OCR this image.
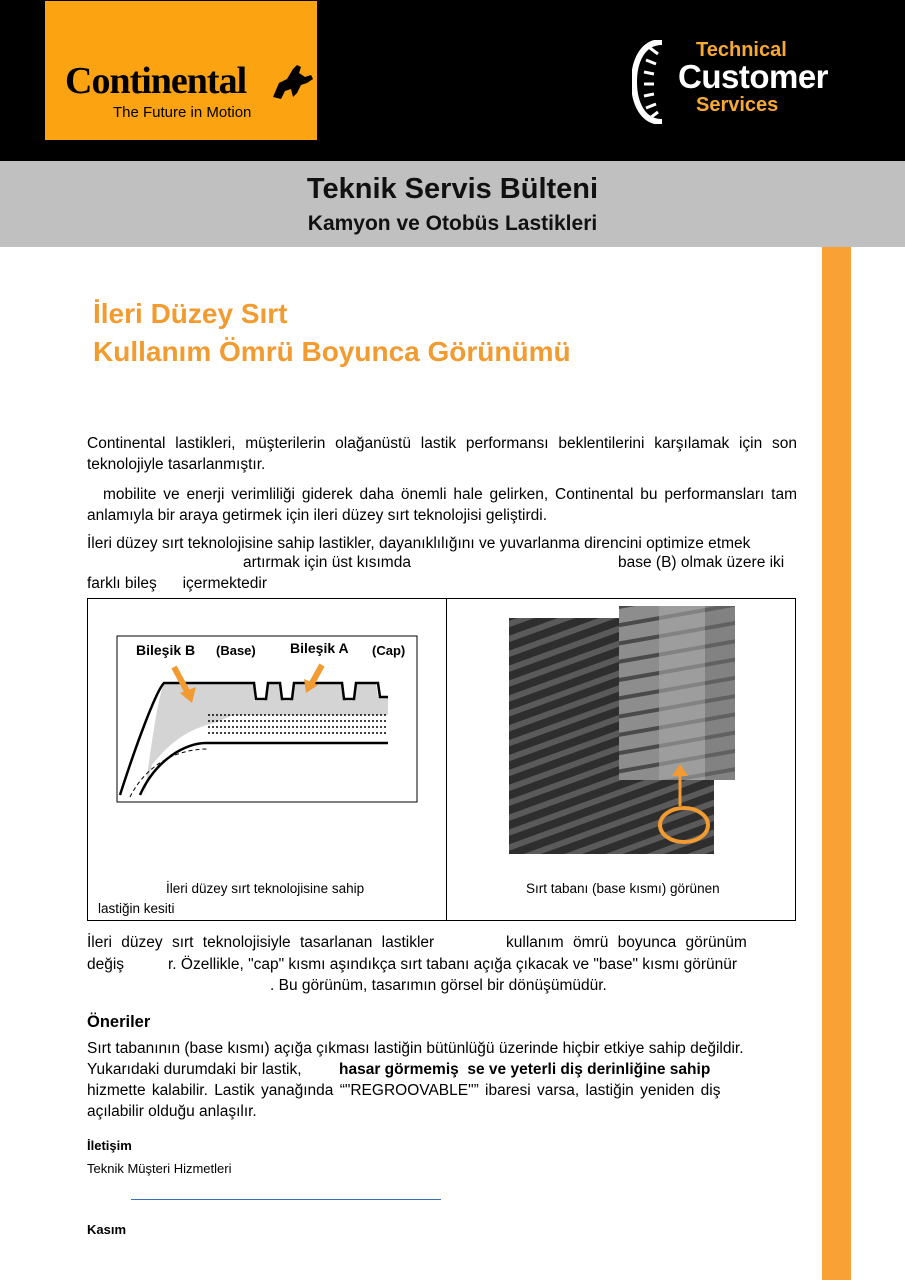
Continental
The Future in Motion
Technical
Customer
Services
Teknik Servis Bülteni
Kamyon ve Otobüs Lastikleri
İleri Düzey Sırt
Kullanım Ömrü Boyunca Görünümü
Continental lastikleri, müşterilerin olağanüstü lastik performansı beklentilerini karşılamak için son teknolojiyle tasarlanmıştır.
mobilite ve enerji verimliliği giderek daha önemli hale gelirken, Continental bu performansları tam anlamıyla bir araya getirmek için ileri düzey sırt teknolojisi geliştirdi.
İleri düzey sırt teknolojisine sahip lastikler, dayanıklılığını ve yuvarlanma direncini optimize etmek
artırmak için üst kısımda	base (B) olmak üzere iki
farklı bileş      içermektedir
Bileşik B (Base) Bileşik A (Cap)
İleri düzey sırt teknolojisine sahip
lastiğin kesiti
Sırt tabanı (base kısmı) görünen
İleri düzey sırt teknolojisiyle tasarlanan lastikler	kullanım ömrü boyunca görünüm
değiş	r. Özellikle, "cap" kısmı aşındıkça sırt tabanı açığa çıkacak ve "base" kısmı görünür
. Bu görünüm, tasarımın görsel bir dönüşümüdür.
Öneriler
Sırt tabanının (base kısmı) açığa çıkması lastiğin bütünlüğü üzerinde hiçbir etkiye sahip değildir.
Yukarıdaki durumdaki bir lastik, hasar görmemiş  se ve yeterli diş derinliğine sahip
hizmette kalabilir. Lastik yanağında “"REGROOVABLE"” ibaresi varsa, lastiğin yeniden diş
açılabilir olduğu anlaşılır.
İletişim
Teknik Müşteri Hizmetleri
Kasım
